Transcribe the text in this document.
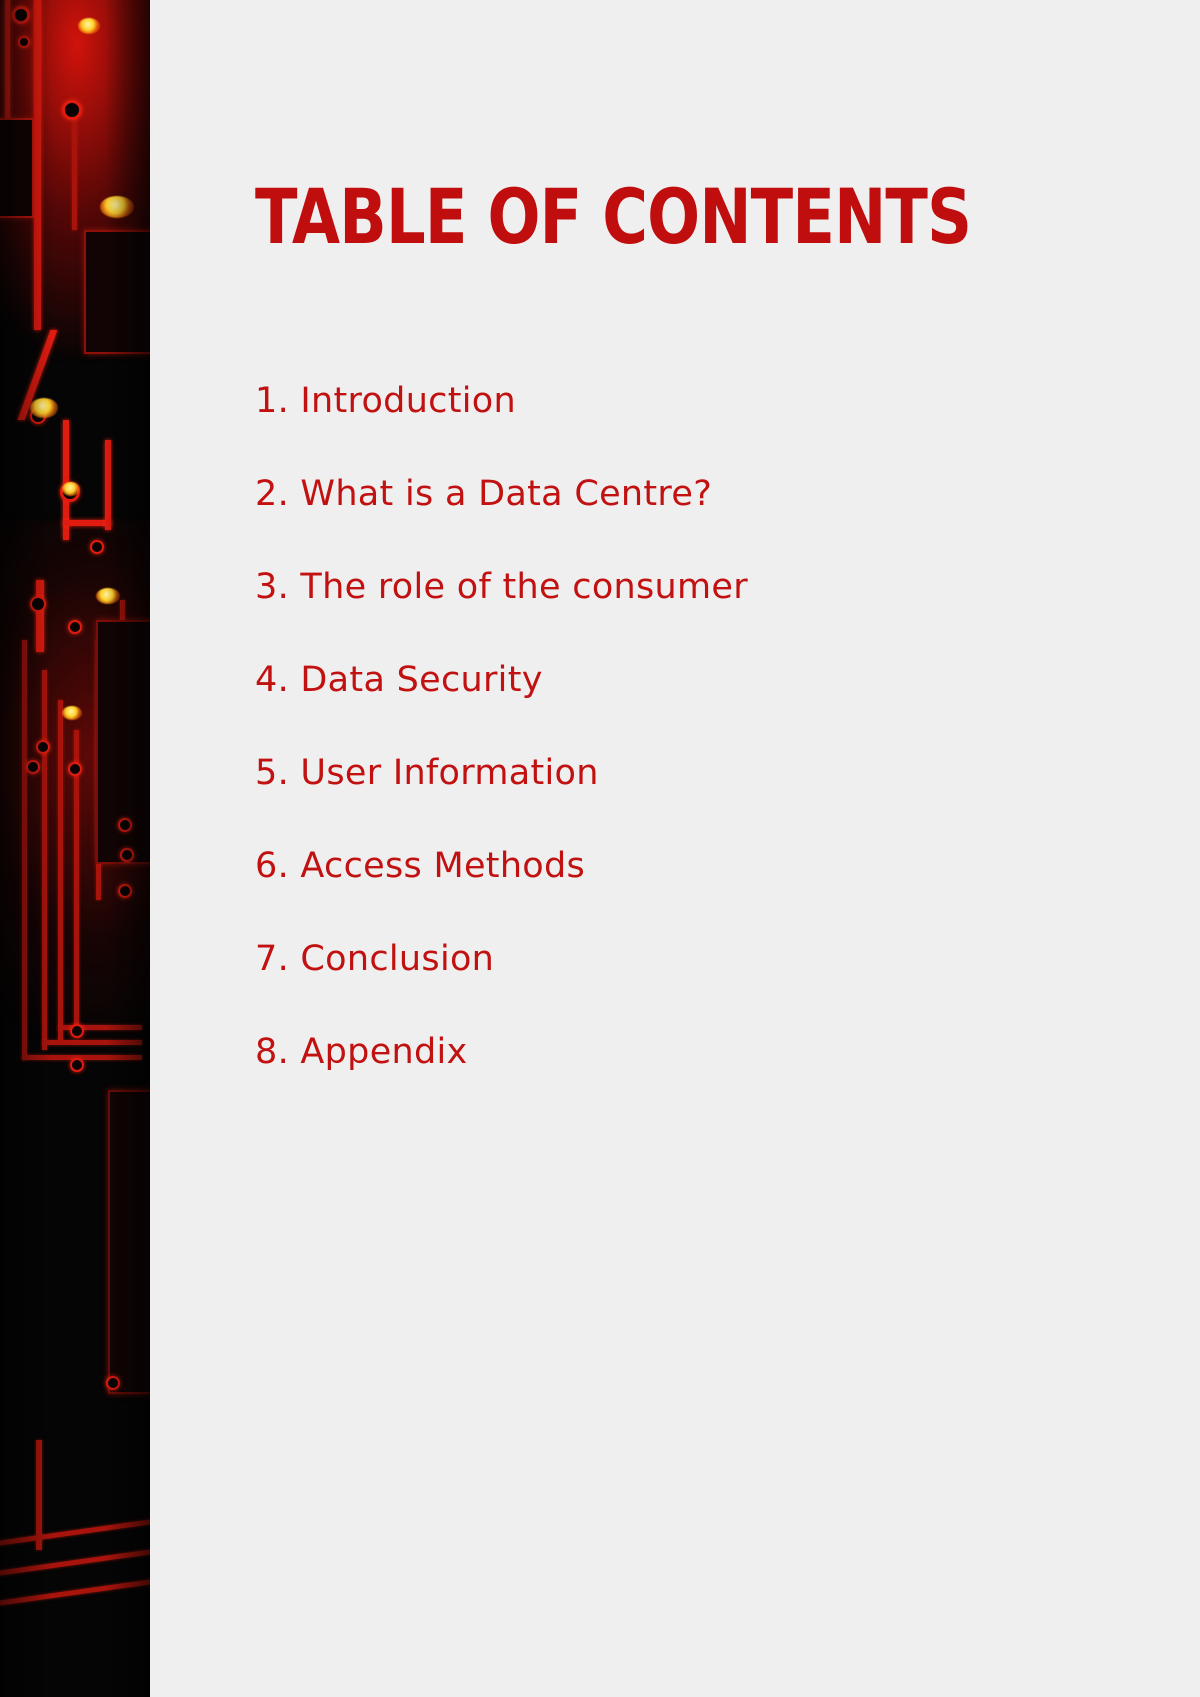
TABLE OF CONTENTS
1. Introduction
2. What is a Data Centre?
3. The role of the consumer
4. Data Security
5. User Information
6. Access Methods
7. Conclusion
8. Appendix
